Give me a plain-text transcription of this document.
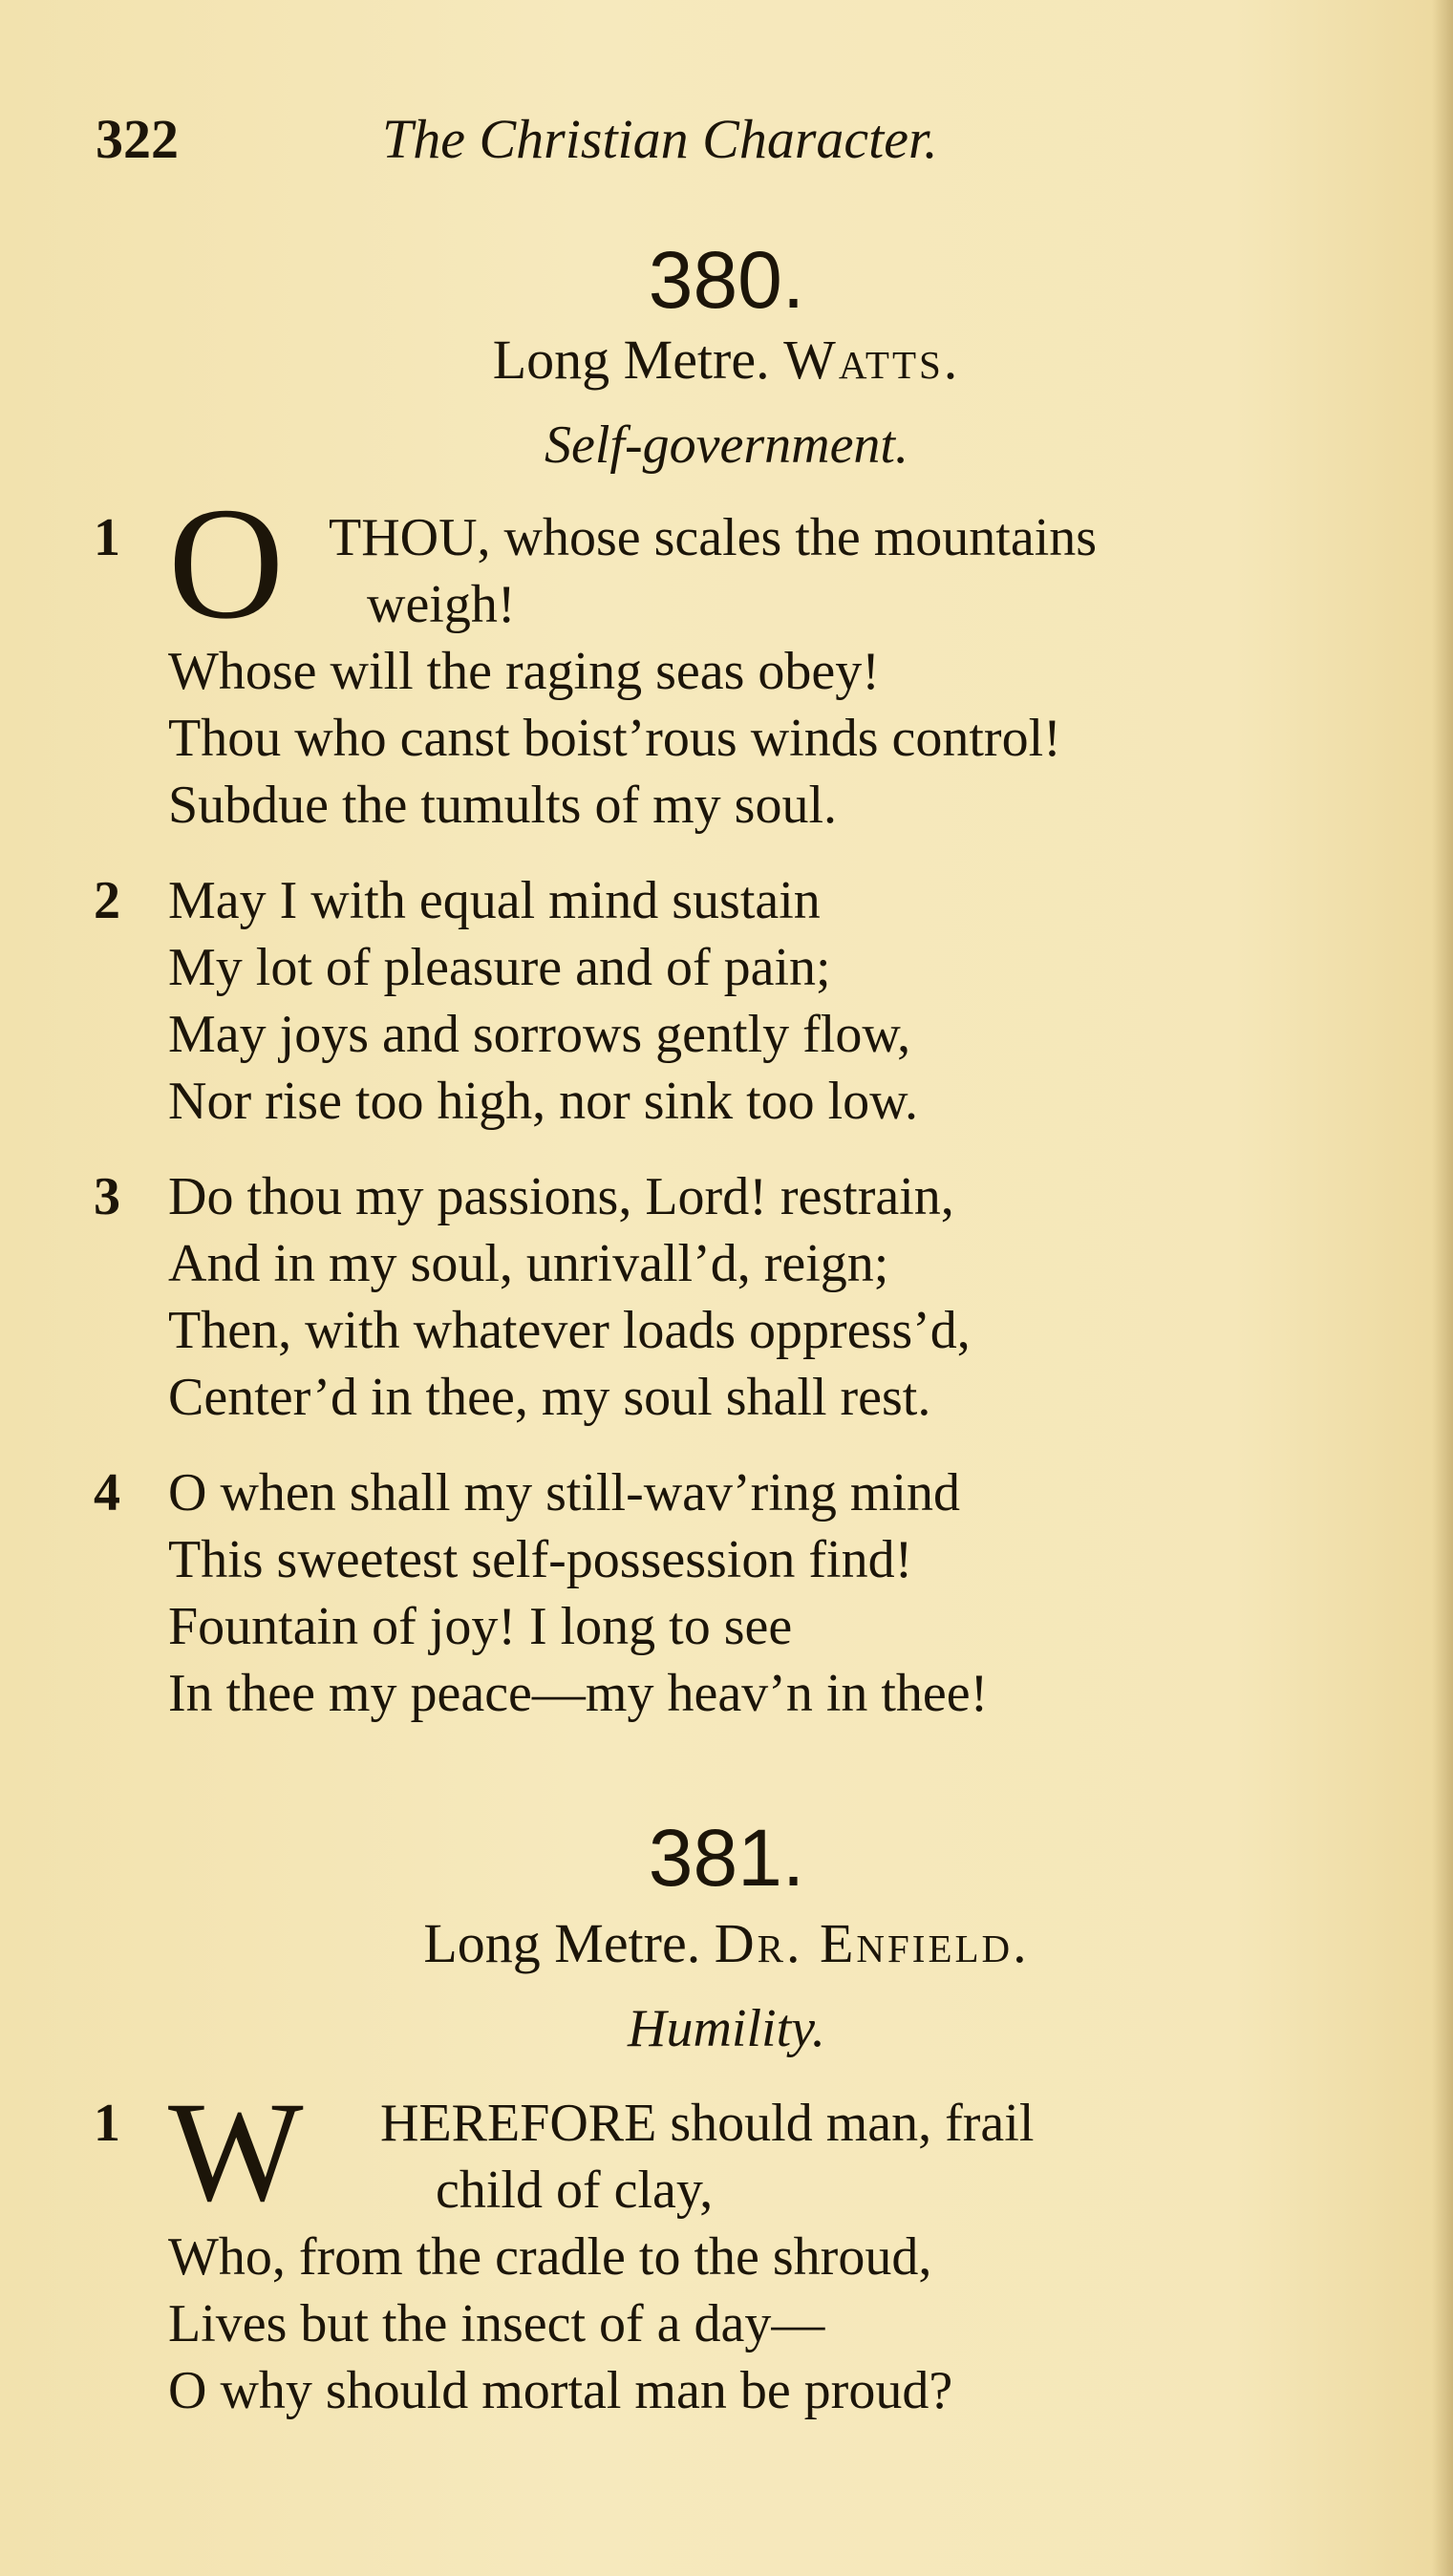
322	The Christian Character.
380.
Long Metre. Watts.
Self-government.
1 O THOU, whose scales the mountains
weigh!
Whose will the raging seas obey!
Thou who canst boist’rous winds control!
Subdue the tumults of my soul.
2 May I with equal mind sustain
My lot of pleasure and of pain;
May joys and sorrows gently flow,
Nor rise too high, nor sink too low.
3 Do thou my passions, Lord! restrain,
And in my soul, unrivall’d, reign;
Then, with whatever loads oppress’d,
Center’d in thee, my soul shall rest.
4 O when shall my still-wav’ring mind
This sweetest self-possession find!
Fountain of joy! I long to see
In thee my peace—my heav’n in thee!
381.
Long Metre. Dr. Enfield.
Humility.
1 W HEREFORE should man, frail
child of clay,
Who, from the cradle to the shroud,
Lives but the insect of a day—
O why should mortal man be proud?
